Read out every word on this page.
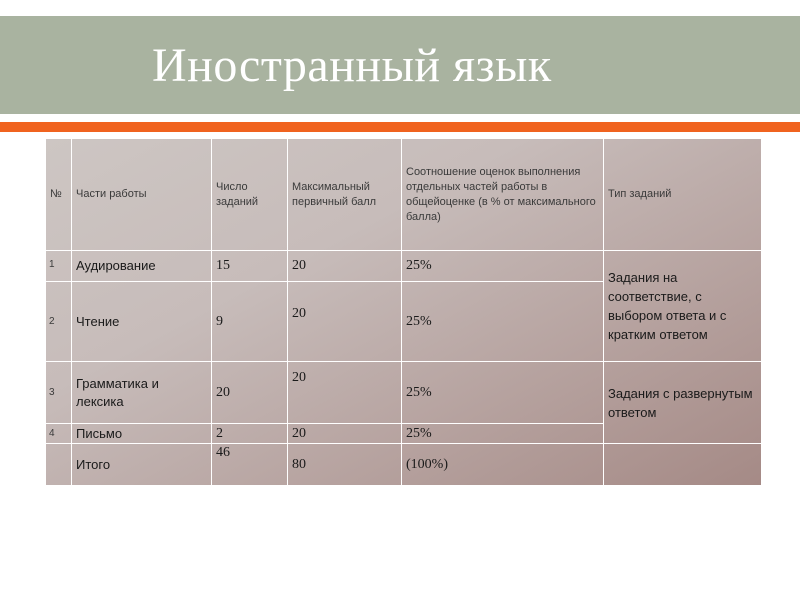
Иностранный язык
№	Части работы	Число заданий	Максимальный первичный балл	Соотношение оценок выполнения отдельных частей работы в общейоценке (в % от максимального балла)	Тип заданий
1	Аудирование	15	20	25%	Задания на соответствие, с выбором ответа и с кратким ответом
2	Чтение	9	20	25%	
3	Грамматика и лексика	20	20	25%	Задания с развернутым ответом
4	Письмо	2	20	25%	
	Итого	46	80	(100%)	
